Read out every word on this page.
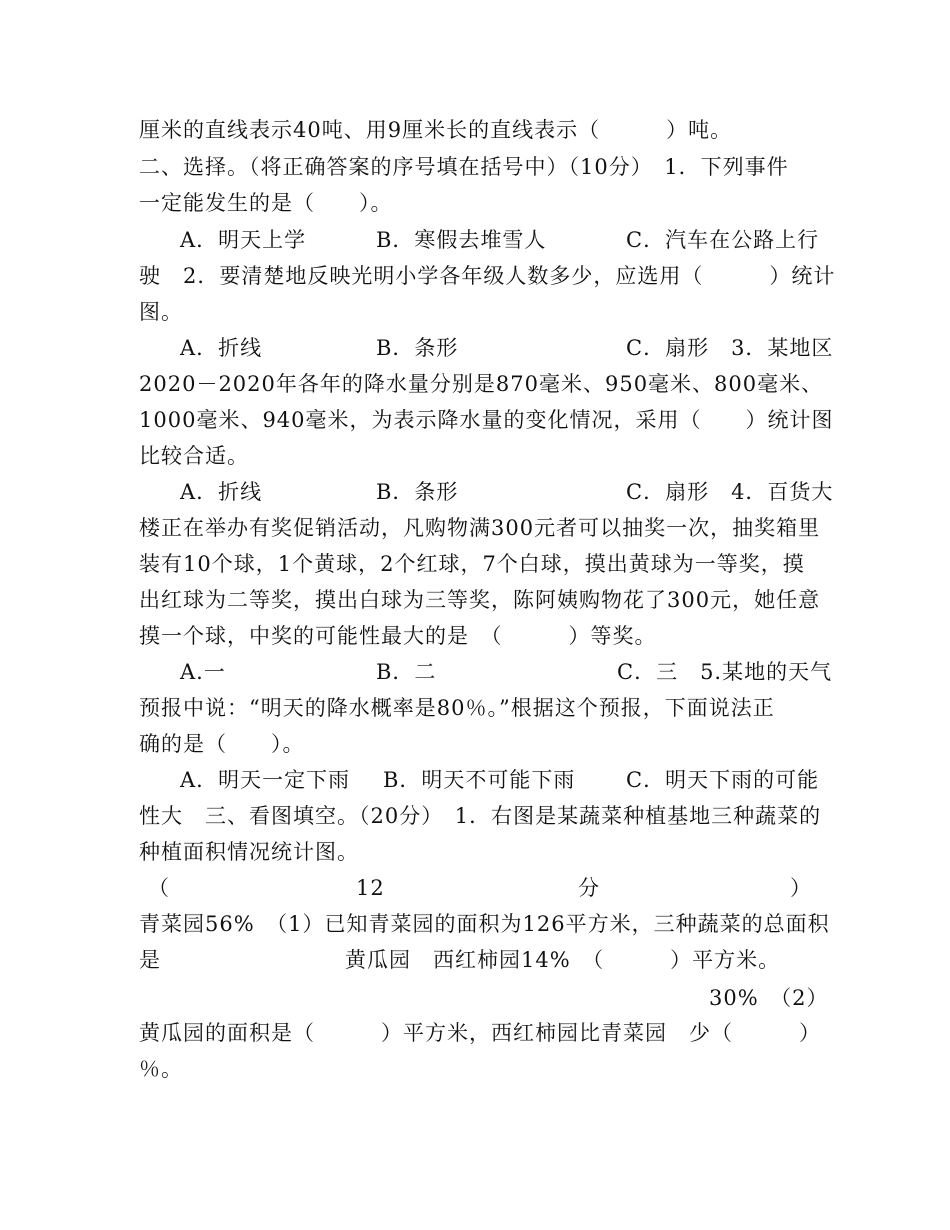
厘米的直线表示40吨、用9厘米长的直线表示（　　　）吨。
二、选择。（将正确答案的序号填在括号中）（10分）　1．下列事件
一定能发生的是（　　）。
　A．明天上学	B．寒假去堆雪人	C．汽车在公路上行
驶　2．要清楚地反映光明小学各年级人数多少，应选用（　　　）统计
图。
　A．折线	B．条形	C．扇形　3．某地区
2020－2020年各年的降水量分别是870毫米、950毫米、800毫米、
1000毫米、940毫米，为表示降水量的变化情况，采用（　　）统计图
比较合适。
　A．折线	B．条形	C．扇形　4．百货大
楼正在举办有奖促销活动，凡购物满300元者可以抽奖一次，抽奖箱里
装有10个球，1个黄球，2个红球，7个白球，摸出黄球为一等奖，摸
出红球为二等奖，摸出白球为三等奖，陈阿姨购物花了300元，她任意
摸一个球，中奖的可能性最大的是　（　　　）等奖。
　A.一	B．二	C．三　5.某地的天气
预报中说：“明天的降水概率是80％。”根据这个预报，下面说法正
确的是（　　）。
　A．明天一定下雨 B．明天不可能下雨 C．明天下雨的可能
性大　三、看图填空。（20分）　1．右图是某蔬菜种植基地三种蔬菜的
种植面积情况统计图。
（	12	分	）
青菜园56%　（1）已知青菜园的面积为126平方米，三种蔬菜的总面积
是	黄瓜园　西红柿园14%　（　　　）平方米。
30%　（2）
黄瓜园的面积是（　　　）平方米，西红柿园比青菜园　少（　　　）
％。
